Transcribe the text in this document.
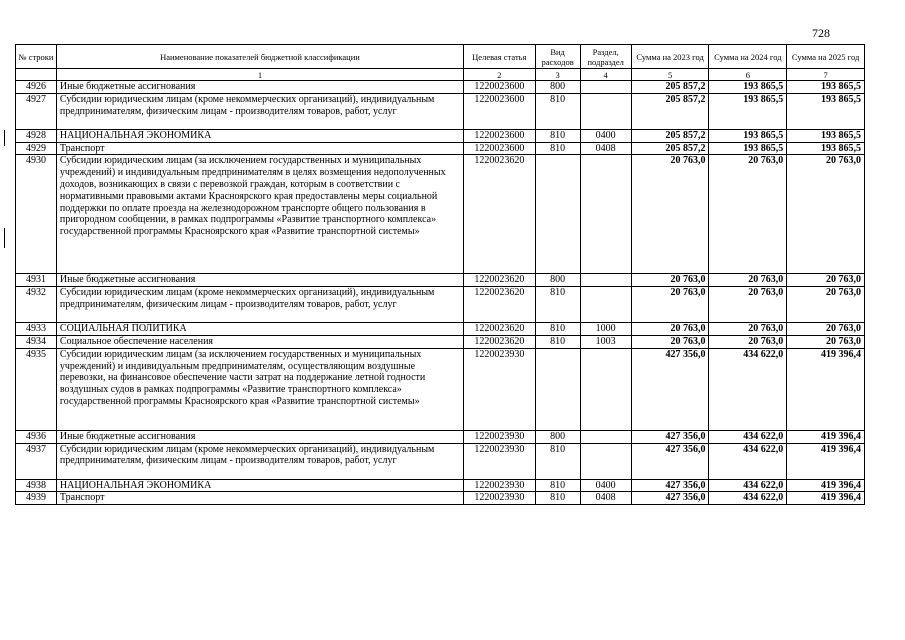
728
№ строки	Наименование показателей бюджетной классификации	Целевая статья	Вид расходов	Раздел, подраздел	Сумма на 2023 год	Сумма на 2024 год	Сумма на 2025 год
	1	2	3	4	5	6	7
4926	Иные бюджетные ассигнования	1220023600	800		205 857,2	193 865,5	193 865,5
4927	Субсидии юридическим лицам (кроме некоммерческих организаций), индивидуальным предпринимателям, физическим лицам - производителям товаров, работ, услуг	1220023600	810		205 857,2	193 865,5	193 865,5
4928	НАЦИОНАЛЬНАЯ ЭКОНОМИКА	1220023600	810	0400	205 857,2	193 865,5	193 865,5
4929	Транспорт	1220023600	810	0408	205 857,2	193 865,5	193 865,5
4930	Субсидии юридическим лицам (за исключением государственных и муниципальных учреждений) и индивидуальным предпринимателям в целях возмещения недополученных доходов, возникающих в связи с перевозкой граждан, которым в соответствии с нормативными правовыми актами Красноярского края предоставлены меры социальной поддержки по оплате проезда на железнодорожном транспорте общего пользования в пригородном сообщении, в рамках подпрограммы «Развитие транспортного комплекса» государственной программы Красноярского края «Развитие транспортной системы»	1220023620			20 763,0	20 763,0	20 763,0
4931	Иные бюджетные ассигнования	1220023620	800		20 763,0	20 763,0	20 763,0
4932	Субсидии юридическим лицам (кроме некоммерческих организаций), индивидуальным предпринимателям, физическим лицам - производителям товаров, работ, услуг	1220023620	810		20 763,0	20 763,0	20 763,0
4933	СОЦИАЛЬНАЯ ПОЛИТИКА	1220023620	810	1000	20 763,0	20 763,0	20 763,0
4934	Социальное обеспечение населения	1220023620	810	1003	20 763,0	20 763,0	20 763,0
4935	Субсидии юридическим лицам (за исключением государственных и муниципальных учреждений) и индивидуальным предпринимателям, осуществляющим воздушные перевозки, на финансовое обеспечение части затрат на поддержание летной годности воздушных судов в рамках подпрограммы «Развитие транспортного комплекса» государственной программы Красноярского края «Развитие транспортной системы»	1220023930			427 356,0	434 622,0	419 396,4
4936	Иные бюджетные ассигнования	1220023930	800		427 356,0	434 622,0	419 396,4
4937	Субсидии юридическим лицам (кроме некоммерческих организаций), индивидуальным предпринимателям, физическим лицам - производителям товаров, работ, услуг	1220023930	810		427 356,0	434 622,0	419 396,4
4938	НАЦИОНАЛЬНАЯ ЭКОНОМИКА	1220023930	810	0400	427 356,0	434 622,0	419 396,4
4939	Транспорт	1220023930	810	0408	427 356,0	434 622,0	419 396,4
